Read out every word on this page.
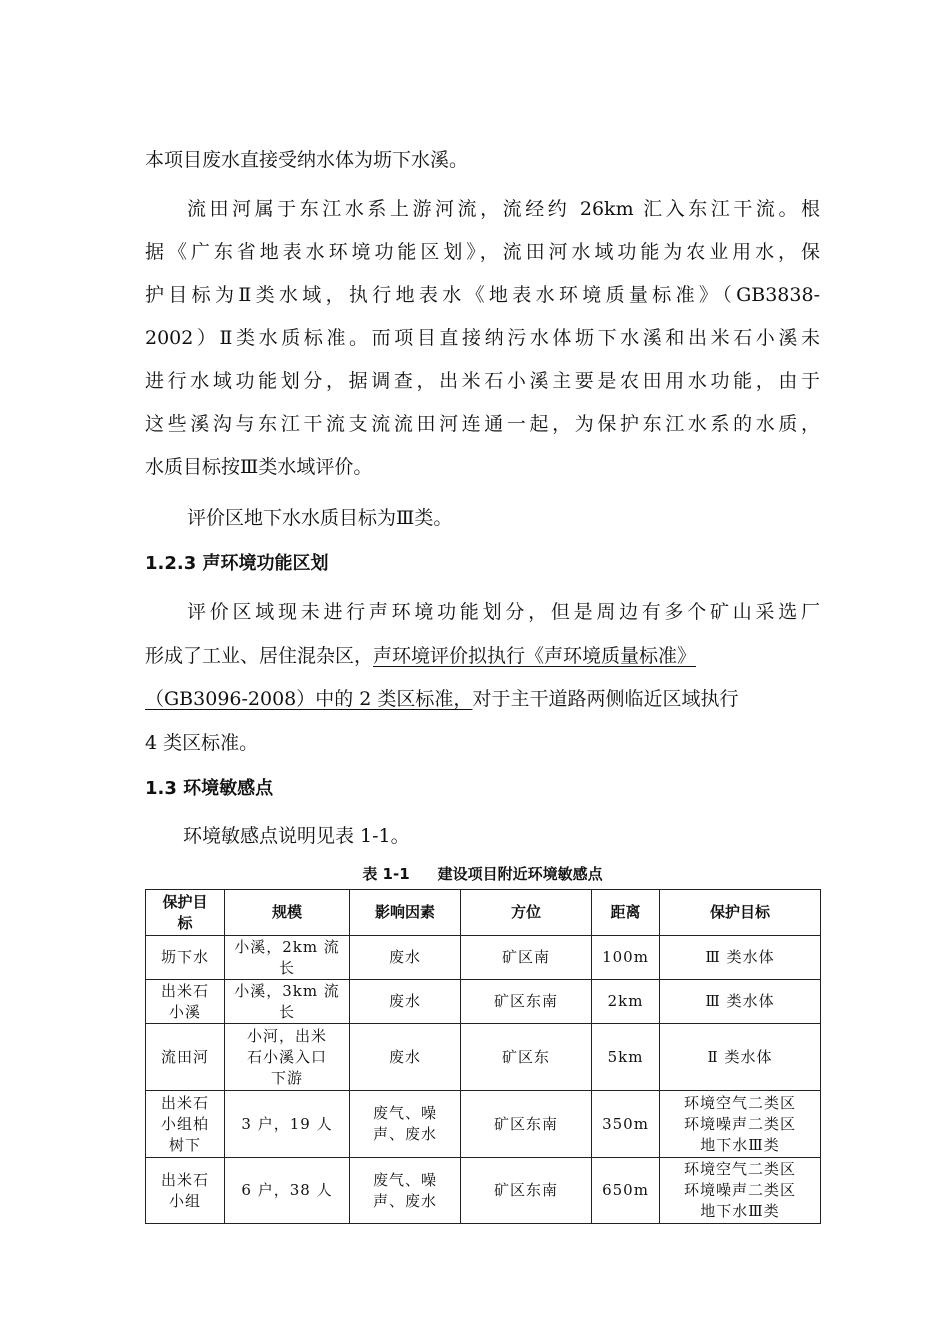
本项目废水直接受纳水体为坜下水溪。
流田河属于东江水系上游河流，流经约 26km 汇入东江干流。根
据《广东省地表水环境功能区划》，流田河水域功能为农业用水，保
护目标为Ⅱ类水域，执行地表水《地表水环境质量标准》（GB3838-
2002）Ⅱ类水质标准。而项目直接纳污水体坜下水溪和出米石小溪未
进行水域功能划分，据调查，出米石小溪主要是农田用水功能，由于
这些溪沟与东江干流支流流田河连通一起，为保护东江水系的水质，
水质目标按Ⅲ类水域评价。
评价区地下水水质目标为Ⅲ类。
1.2.3 声环境功能区划
评价区域现未进行声环境功能划分，但是周边有多个矿山采选厂
形成了工业、居住混杂区，声环境评价拟执行《声环境质量标准》
（GB3096-2008）中的 2 类区标准，对于主干道路两侧临近区域执行
4 类区标准。
1.3 环境敏感点
环境敏感点说明见表 1-1。
表 1-1 建设项目附近环境敏感点
保护目
标	规模	影响因素	方位	距离	保护目标
坜下水	小溪，2km 流
长	废水	矿区南	100m	Ⅲ 类水体
出米石
小溪	小溪，3km 流
长	废水	矿区东南	2km	Ⅲ 类水体
流田河	小河，出米
石小溪入口
下游	废水	矿区东	5km	Ⅱ 类水体
出米石
小组柏
树下	3 户，19 人	废气、噪
声、废水	矿区东南	350m	环境空气二类区
环境噪声二类区
地下水Ⅲ类
出米石
小组	6 户，38 人	废气、噪
声、废水	矿区东南	650m	环境空气二类区
环境噪声二类区
地下水Ⅲ类
